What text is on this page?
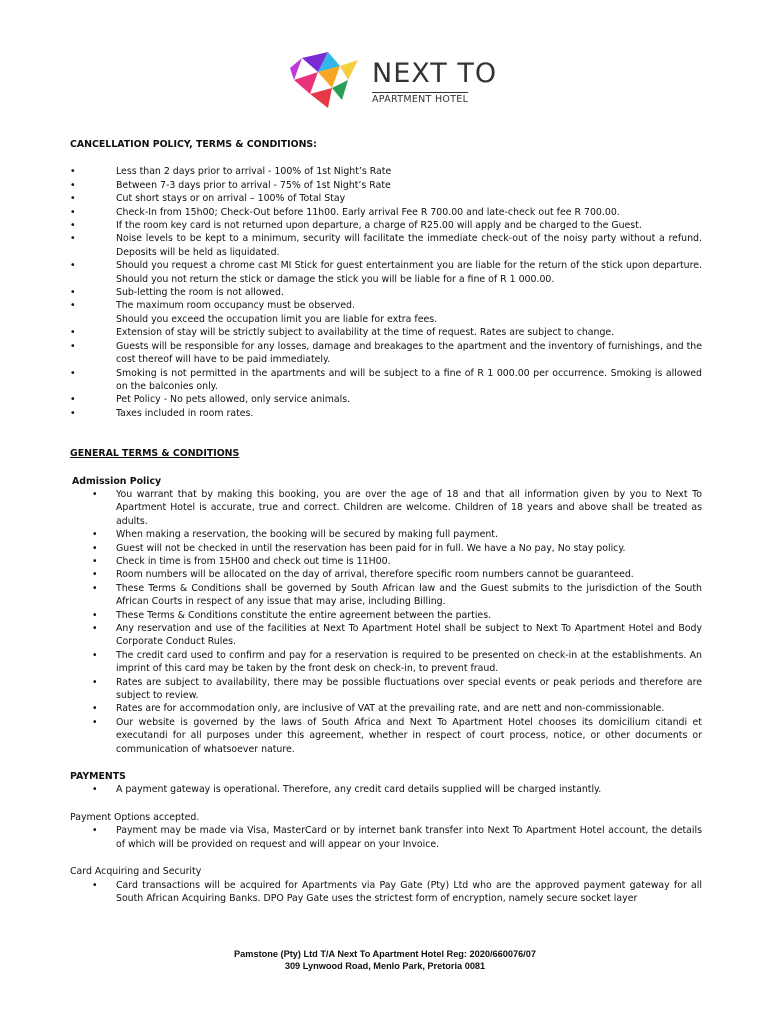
NEXT TO
APARTMENT HOTEL

CANCELLATION POLICY, TERMS & CONDITIONS:

• Less than 2 days prior to arrival - 100% of 1st Night’s Rate
• Between 7-3 days prior to arrival - 75% of 1st Night’s Rate
• Cut short stays or on arrival – 100% of Total Stay
• Check-In from 15h00; Check-Out before 11h00. Early arrival Fee R 700.00 and late-check out fee R 700.00.
• If the room key card is not returned upon departure, a charge of R25.00 will apply and be charged to the Guest.
• Noise levels to be kept to a minimum, security will facilitate the immediate check-out of the noisy party without a refund. Deposits will be held as liquidated.
• Should you request a chrome cast MI Stick for guest entertainment you are liable for the return of the stick upon departure. Should you not return the stick or damage the stick you will be liable for a fine of R 1 000.00.
• Sub-letting the room is not allowed.
• The maximum room occupancy must be observed.
Should you exceed the occupation limit you are liable for extra fees.
• Extension of stay will be strictly subject to availability at the time of request. Rates are subject to change.
• Guests will be responsible for any losses, damage and breakages to the apartment and the inventory of furnishings, and the cost thereof will have to be paid immediately.
• Smoking is not permitted in the apartments and will be subject to a fine of R 1 000.00 per occurrence. Smoking is allowed on the balconies only.
• Pet Policy - No pets allowed, only service animals.
• Taxes included in room rates.

GENERAL TERMS & CONDITIONS

Admission Policy

• You warrant that by making this booking, you are over the age of 18 and that all information given by you to Next To Apartment Hotel is accurate, true and correct. Children are welcome. Children of 18 years and above shall be treated as adults.
• When making a reservation, the booking will be secured by making full payment.
• Guest will not be checked in until the reservation has been paid for in full. We have a No pay, No stay policy.
• Check in time is from 15H00 and check out time is 11H00.
• Room numbers will be allocated on the day of arrival, therefore specific room numbers cannot be guaranteed.
• These Terms & Conditions shall be governed by South African law and the Guest submits to the jurisdiction of the South African Courts in respect of any issue that may arise, including Billing.
• These Terms & Conditions constitute the entire agreement between the parties.
• Any reservation and use of the facilities at Next To Apartment Hotel shall be subject to Next To Apartment Hotel and Body Corporate Conduct Rules.
• The credit card used to confirm and pay for a reservation is required to be presented on check-in at the establishments. An imprint of this card may be taken by the front desk on check-in, to prevent fraud.
• Rates are subject to availability, there may be possible fluctuations over special events or peak periods and therefore are subject to review.
• Rates are for accommodation only, are inclusive of VAT at the prevailing rate, and are nett and non-commissionable.
• Our website is governed by the laws of South Africa and Next To Apartment Hotel chooses its domicilium citandi et executandi for all purposes under this agreement, whether in respect of court process, notice, or other documents or communication of whatsoever nature.

PAYMENTS

• A payment gateway is operational. Therefore, any credit card details supplied will be charged instantly.

Payment Options accepted.

• Payment may be made via Visa, MasterCard or by internet bank transfer into Next To Apartment Hotel account, the details of which will be provided on request and will appear on your Invoice.

Card Acquiring and Security

• Card transactions will be acquired for Apartments via Pay Gate (Pty) Ltd who are the approved payment gateway for all South African Acquiring Banks. DPO Pay Gate uses the strictest form of encryption, namely secure socket layer
Pamstone (Pty) Ltd T/A Next To Apartment Hotel Reg: 2020/660076/07
309 Lynwood Road, Menlo Park, Pretoria 0081
